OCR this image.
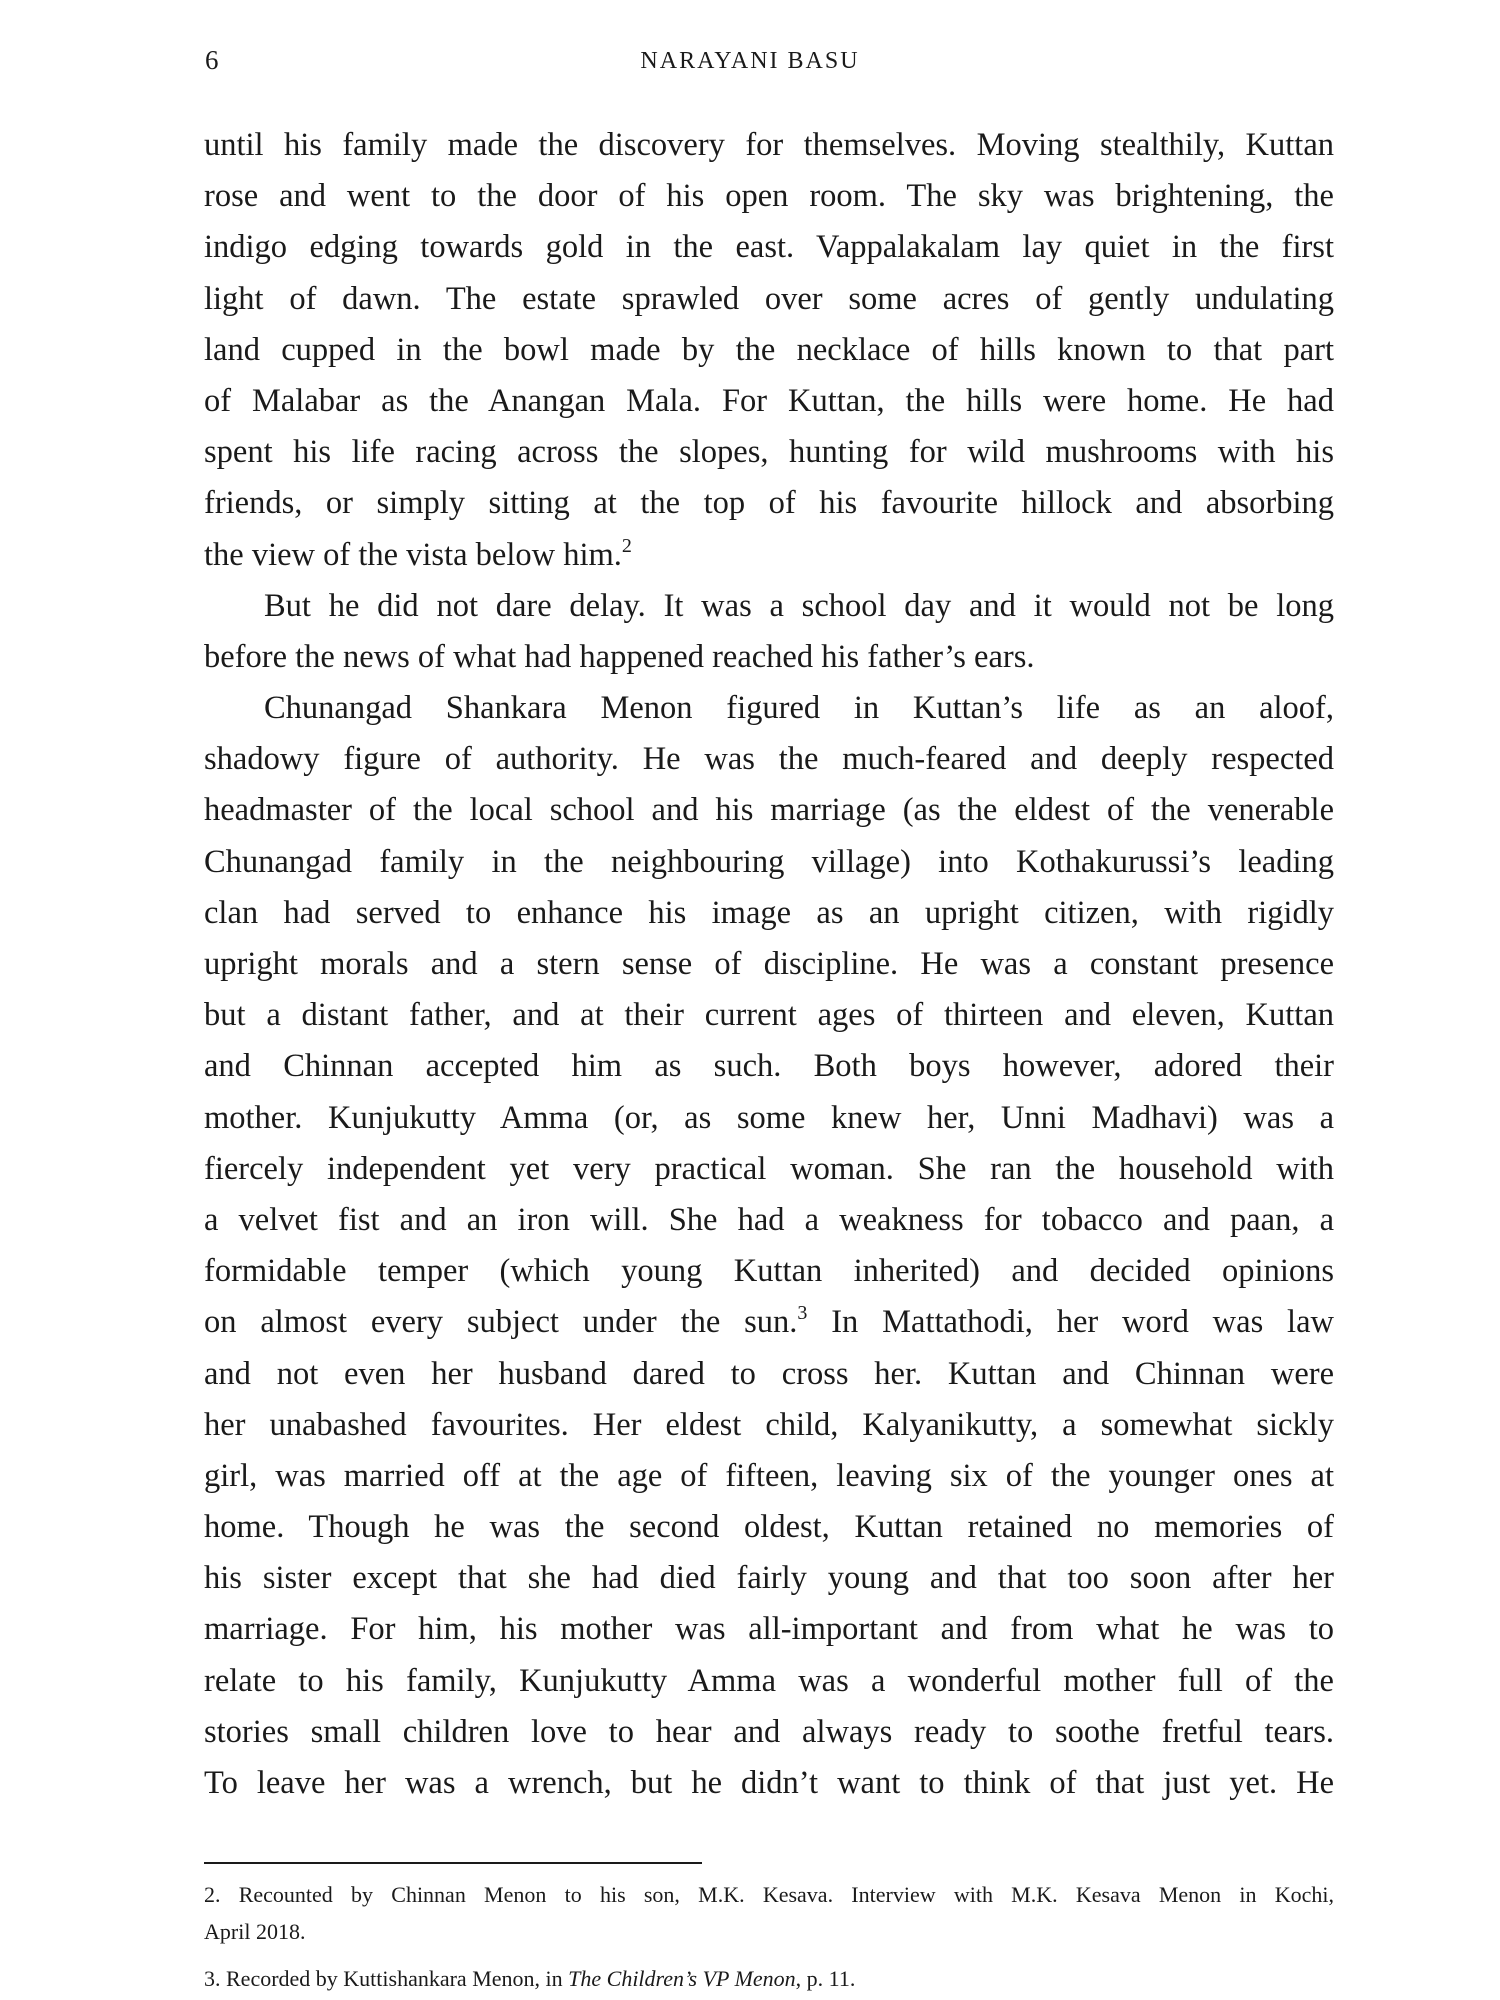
6	NARAYANI BASU
until his family made the discovery for themselves. Moving stealthily, Kuttan
rose and went to the door of his open room. The sky was brightening, the
indigo edging towards gold in the east. Vappalakalam lay quiet in the first
light of dawn. The estate sprawled over some acres of gently undulating
land cupped in the bowl made by the necklace of hills known to that part
of Malabar as the Anangan Mala. For Kuttan, the hills were home. He had
spent his life racing across the slopes, hunting for wild mushrooms with his
friends, or simply sitting at the top of his favourite hillock and absorbing
the view of the vista below him.$^2$
But he did not dare delay. It was a school day and it would not be long
before the news of what had happened reached his father’s ears.
Chunangad Shankara Menon figured in Kuttan’s life as an aloof,
shadowy figure of authority. He was the much-feared and deeply respected
headmaster of the local school and his marriage (as the eldest of the venerable
Chunangad family in the neighbouring village) into Kothakurussi’s leading
clan had served to enhance his image as an upright citizen, with rigidly
upright morals and a stern sense of discipline. He was a constant presence
but a distant father, and at their current ages of thirteen and eleven, Kuttan
and Chinnan accepted him as such. Both boys however, adored their
mother. Kunjukutty Amma (or, as some knew her, Unni Madhavi) was a
fiercely independent yet very practical woman. She ran the household with
a velvet fist and an iron will. She had a weakness for tobacco and paan, a
formidable temper (which young Kuttan inherited) and decided opinions
on almost every subject under the sun.$^3$ In Mattathodi, her word was law
and not even her husband dared to cross her. Kuttan and Chinnan were
her unabashed favourites. Her eldest child, Kalyanikutty, a somewhat sickly
girl, was married off at the age of fifteen, leaving six of the younger ones at
home. Though he was the second oldest, Kuttan retained no memories of
his sister except that she had died fairly young and that too soon after her
marriage. For him, his mother was all-important and from what he was to
relate to his family, Kunjukutty Amma was a wonderful mother full of the
stories small children love to hear and always ready to soothe fretful tears.
To leave her was a wrench, but he didn’t want to think of that just yet. He
2. Recounted by Chinnan Menon to his son, M.K. Kesava. Interview with M.K. Kesava Menon in Kochi,
April 2018.
3. Recorded by Kuttishankara Menon, in The Children’s VP Menon, p. 11.
